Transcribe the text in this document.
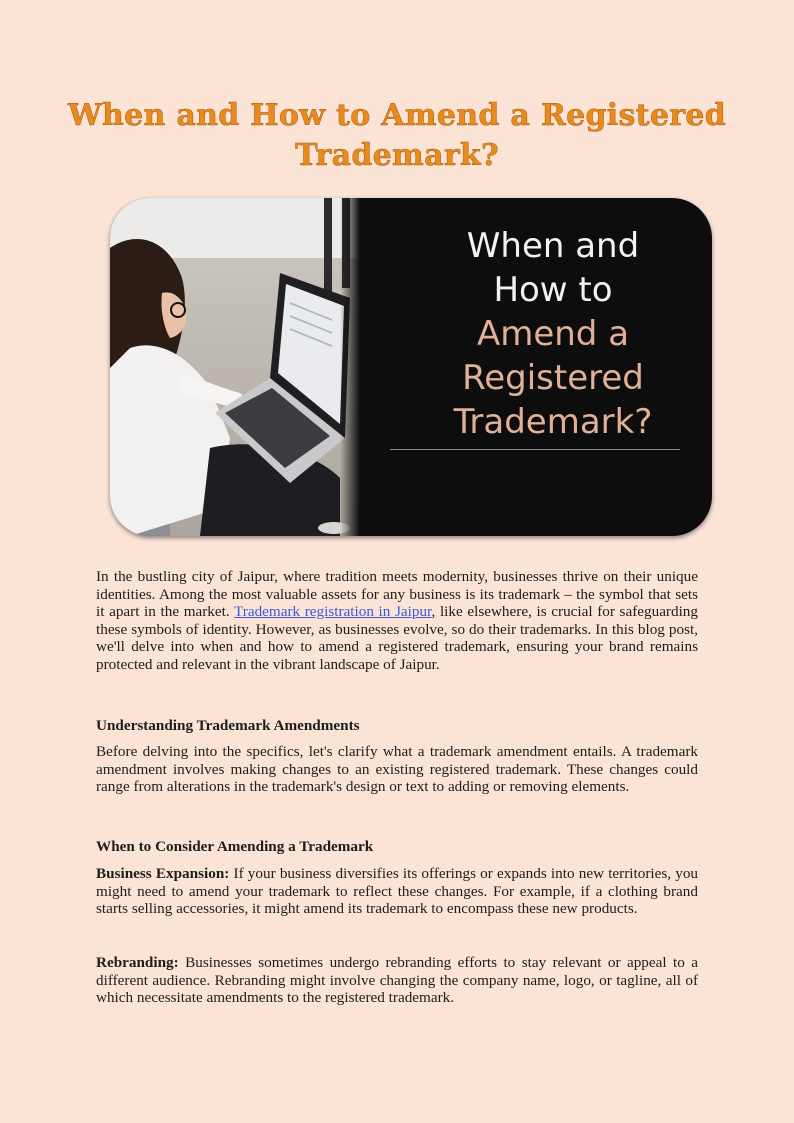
When and How to Amend a Registered Trademark?
When and
How to
Amend a
Registered
Trademark?

In the bustling city of Jaipur, where tradition meets modernity, businesses thrive on their unique identities. Among the most valuable assets for any business is its trademark – the symbol that sets it apart in the market. Trademark registration in Jaipur, like elsewhere, is crucial for safeguarding these symbols of identity. However, as businesses evolve, so do their trademarks. In this blog post, we'll delve into when and how to amend a registered trademark, ensuring your brand remains protected and relevant in the vibrant landscape of Jaipur.

Understanding Trademark Amendments

Before delving into the specifics, let's clarify what a trademark amendment entails. A trademark amendment involves making changes to an existing registered trademark. These changes could range from alterations in the trademark's design or text to adding or removing elements.

When to Consider Amending a Trademark

Business Expansion: If your business diversifies its offerings or expands into new territories, you might need to amend your trademark to reflect these changes. For example, if a clothing brand starts selling accessories, it might amend its trademark to encompass these new products.

Rebranding: Businesses sometimes undergo rebranding efforts to stay relevant or appeal to a different audience. Rebranding might involve changing the company name, logo, or tagline, all of which necessitate amendments to the registered trademark.
